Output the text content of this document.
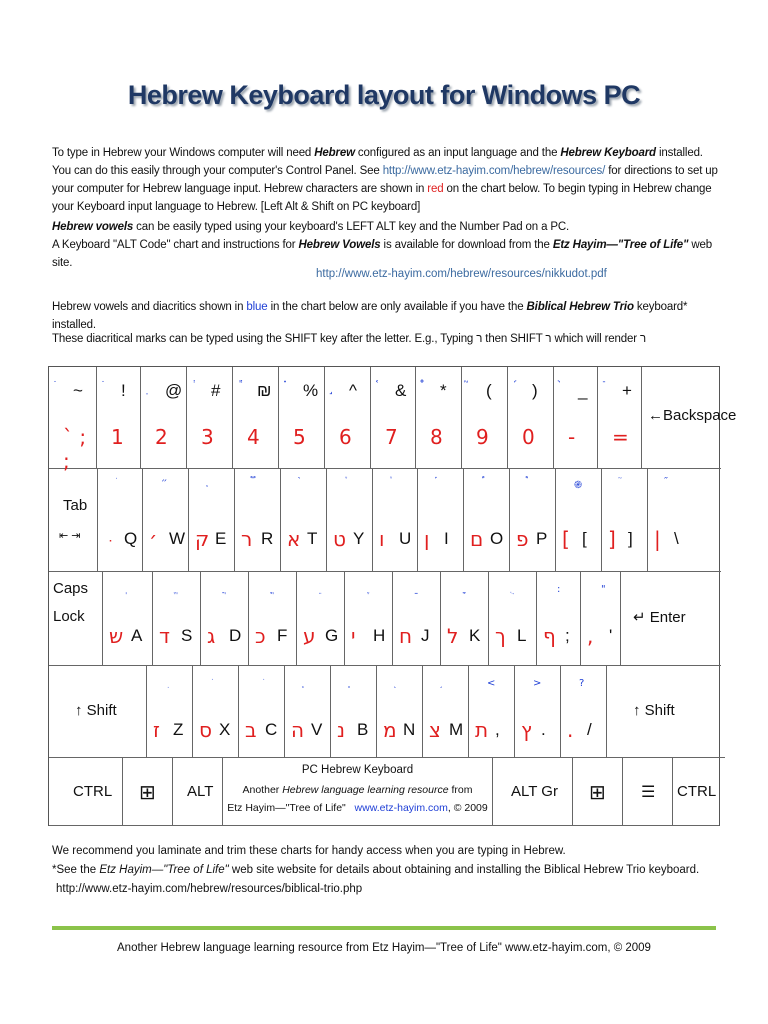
Hebrew Keyboard layout for Windows PC
To type in Hebrew your Windows computer will need Hebrew configured as an input language and the Hebrew Keyboard installed. You can do this easily through your computer's Control Panel. See http://www.etz-hayim.com/hebrew/resources/ for directions to set up your computer for Hebrew language input. Hebrew characters are shown in red on the chart below. To begin typing in Hebrew change your Keyboard input language to Hebrew. [Left Alt & Shift on PC keyboard]
Hebrew vowels can be easily typed using your keyboard's LEFT ALT key and the Number Pad on a PC.
A Keyboard "ALT Code" chart and instructions for Hebrew Vowels is available for download from the Etz Hayim—"Tree of Life" web site.
http://www.etz-hayim.com/hebrew/resources/nikkudot.pdf
Hebrew vowels and diacritics shown in blue in the chart below are only available if you have the Biblical Hebrew Trio keyboard* installed.
These diacritical marks can be typed using the SHIFT key after the letter. E.g., Typing ר then SHIFT ר which will render ר
~
` ; ;
!
1
@
2
#
3
₪
4
%
5
^
6
&
7
*
8
(
9
)
0
_
-
+
=
←Backspace
Tab
⇤ ⇥	Q
״
׳ W ק E ר R א T ט Y ו U ן I ם O פ P
֎
[ [ ] ] | \
Caps
Lock
ש A ד S ג D כ F ע G י H ח J ל K ך L
:
ף ;
"
, '
↵ Enter
↑ Shift
ז Z ס X ב C ה V נ B מ N צ M
<
ת ,
>
ץ .
?
. /
↑ Shift
CTRL ⊞ ALT
PC Hebrew Keyboard
Another Hebrew language learning resource from
Etz Hayim—"Tree of Life" www.etz-hayim.com, © 2009
ALT Gr ⊞ ☰ CTRL
We recommend you laminate and trim these charts for handy access when you are typing in Hebrew.
*See the Etz Hayim—"Tree of Life" web site website for details about obtaining and installing the Biblical Hebrew Trio keyboard.
http://www.etz-hayim.com/hebrew/resources/biblical-trio.php
Another Hebrew language learning resource from Etz Hayim—"Tree of Life" www.etz-hayim.com, © 2009
